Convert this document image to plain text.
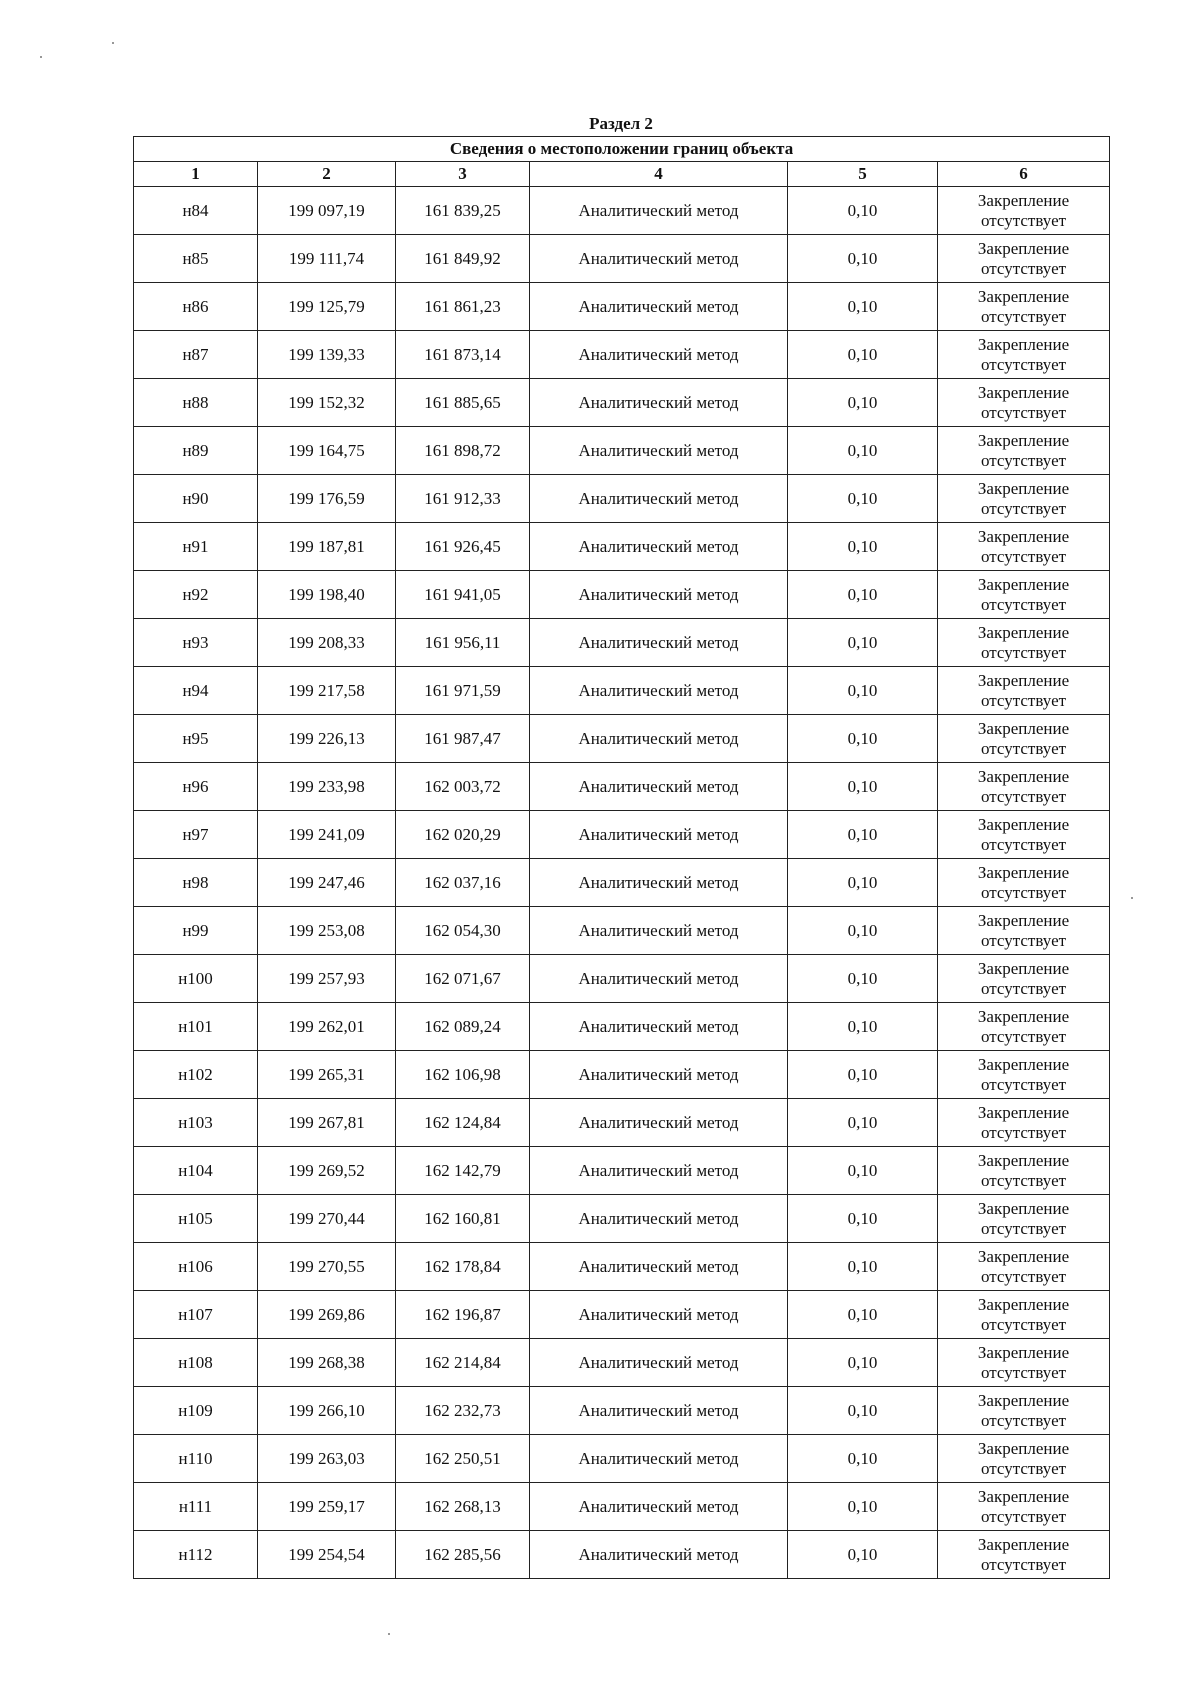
Раздел 2
Сведения о местоположении границ объекта					
1	2	3	4	5	6
н84	199 097,19	161 839,25	Аналитический метод	0,10	Закрепление отсутствует
н85	199 111,74	161 849,92	Аналитический метод	0,10	Закрепление отсутствует
н86	199 125,79	161 861,23	Аналитический метод	0,10	Закрепление отсутствует
н87	199 139,33	161 873,14	Аналитический метод	0,10	Закрепление отсутствует
н88	199 152,32	161 885,65	Аналитический метод	0,10	Закрепление отсутствует
н89	199 164,75	161 898,72	Аналитический метод	0,10	Закрепление отсутствует
н90	199 176,59	161 912,33	Аналитический метод	0,10	Закрепление отсутствует
н91	199 187,81	161 926,45	Аналитический метод	0,10	Закрепление отсутствует
н92	199 198,40	161 941,05	Аналитический метод	0,10	Закрепление отсутствует
н93	199 208,33	161 956,11	Аналитический метод	0,10	Закрепление отсутствует
н94	199 217,58	161 971,59	Аналитический метод	0,10	Закрепление отсутствует
н95	199 226,13	161 987,47	Аналитический метод	0,10	Закрепление отсутствует
н96	199 233,98	162 003,72	Аналитический метод	0,10	Закрепление отсутствует
н97	199 241,09	162 020,29	Аналитический метод	0,10	Закрепление отсутствует
н98	199 247,46	162 037,16	Аналитический метод	0,10	Закрепление отсутствует
н99	199 253,08	162 054,30	Аналитический метод	0,10	Закрепление отсутствует
н100	199 257,93	162 071,67	Аналитический метод	0,10	Закрепление отсутствует
н101	199 262,01	162 089,24	Аналитический метод	0,10	Закрепление отсутствует
н102	199 265,31	162 106,98	Аналитический метод	0,10	Закрепление отсутствует
н103	199 267,81	162 124,84	Аналитический метод	0,10	Закрепление отсутствует
н104	199 269,52	162 142,79	Аналитический метод	0,10	Закрепление отсутствует
н105	199 270,44	162 160,81	Аналитический метод	0,10	Закрепление отсутствует
н106	199 270,55	162 178,84	Аналитический метод	0,10	Закрепление отсутствует
н107	199 269,86	162 196,87	Аналитический метод	0,10	Закрепление отсутствует
н108	199 268,38	162 214,84	Аналитический метод	0,10	Закрепление отсутствует
н109	199 266,10	162 232,73	Аналитический метод	0,10	Закрепление отсутствует
н110	199 263,03	162 250,51	Аналитический метод	0,10	Закрепление отсутствует
н111	199 259,17	162 268,13	Аналитический метод	0,10	Закрепление отсутствует
н112	199 254,54	162 285,56	Аналитический метод	0,10	Закрепление отсутствует
